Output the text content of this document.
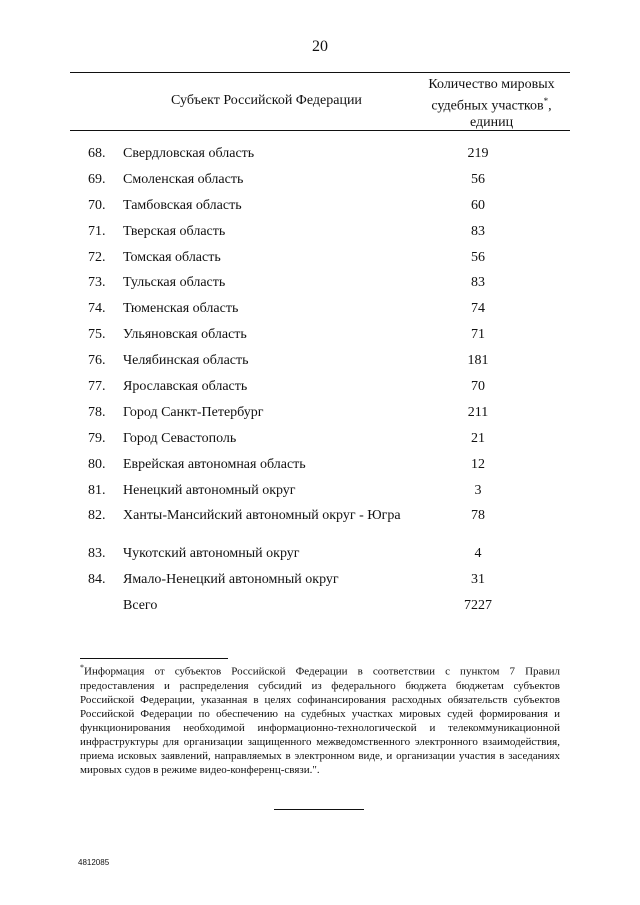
20
Субъект Российской Федерации
Количество мировых
судебных участков*,
единиц
68. Свердловская область	219
69. Смоленская область	56
70. Тамбовская область	60
71. Тверская область	83
72. Томская область	56
73. Тульская область	83
74. Тюменская область	74
75. Ульяновская область	71
76. Челябинская область	181
77. Ярославская область	70
78. Город Санкт-Петербург	211
79. Город Севастополь	21
80. Еврейская автономная область	12
81. Ненецкий автономный округ	3
82. Ханты-Мансийский автономный округ - Югра	78
83. Чукотский автономный округ	4
84. Ямало-Ненецкий автономный округ	31
Всего	7227
*Информация от субъектов Российской Федерации в соответствии с пунктом 7 Правил предоставления и распределения субсидий из федерального бюджета бюджетам субъектов Российской Федерации, указанная в целях софинансирования расходных обязательств субъектов Российской Федерации по обеспечению на судебных участках мировых судей формирования и функционирования необходимой информационно-технологической и телекоммуникационной инфраструктуры для организации защищенного межведомственного электронного взаимодействия, приема исковых заявлений, направляемых в электронном виде, и организации участия в заседаниях мировых судов в режиме видео-конференц-связи.".
4812085
